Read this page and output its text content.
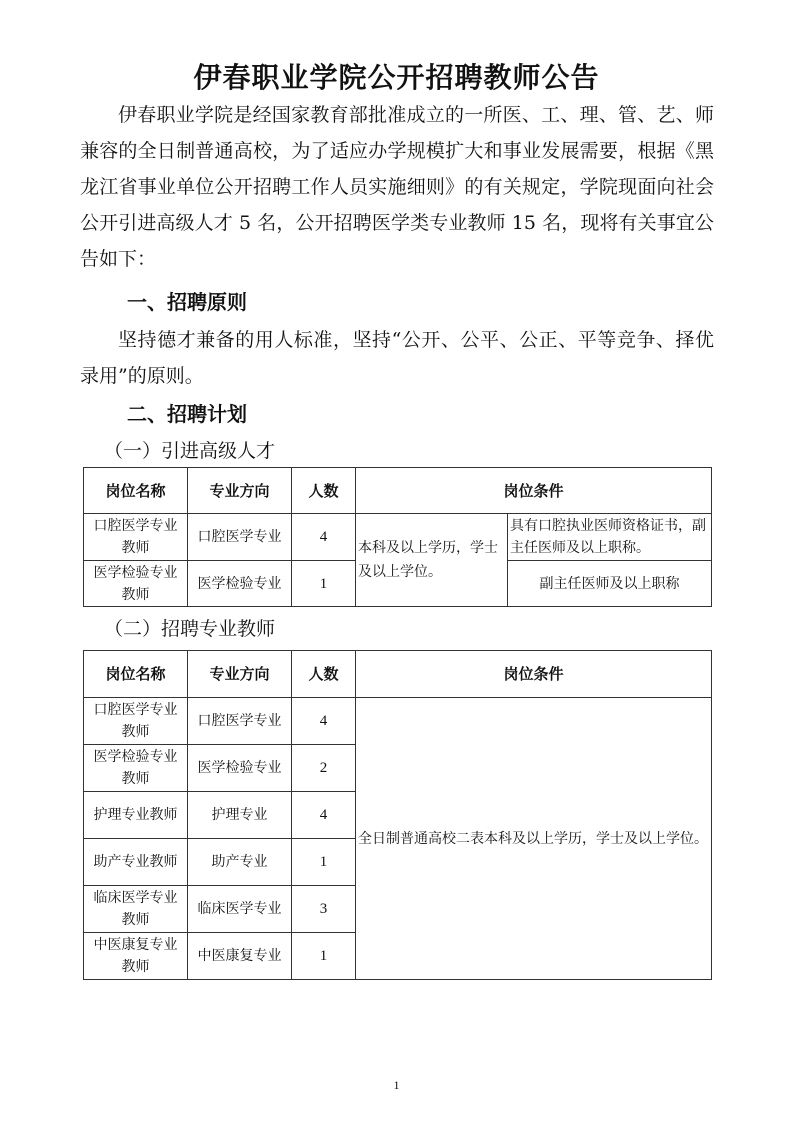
伊春职业学院公开招聘教师公告
伊春职业学院是经国家教育部批准成立的一所医、工、理、管、艺、师兼容的全日制普通高校，为了适应办学规模扩大和事业发展需要，根据《黑龙江省事业单位公开招聘工作人员实施细则》的有关规定，学院现面向社会公开引进高级人才 5 名，公开招聘医学类专业教师 15 名，现将有关事宜公告如下：
一、招聘原则
坚持德才兼备的用人标准，坚持“公开、公平、公正、平等竞争、择优录用”的原则。
二、招聘计划
（一）引进高级人才
岗位名称	专业方向	人数	岗位条件	
口腔医学专业教师	口腔医学专业	4	本科及以上学历，学士及以上学位。	具有口腔执业医师资格证书，副主任医师及以上职称。
医学检验专业教师	医学检验专业	1		副主任医师及以上职称
（二）招聘专业教师
岗位名称	专业方向	人数	岗位条件
口腔医学专业教师	口腔医学专业	4	全日制普通高校二表本科及以上学历，学士及以上学位。
医学检验专业教师	医学检验专业	2	
护理专业教师	护理专业	4	
助产专业教师	助产专业	1	
临床医学专业教师	临床医学专业	3	
中医康复专业教师	中医康复专业	1	
1
